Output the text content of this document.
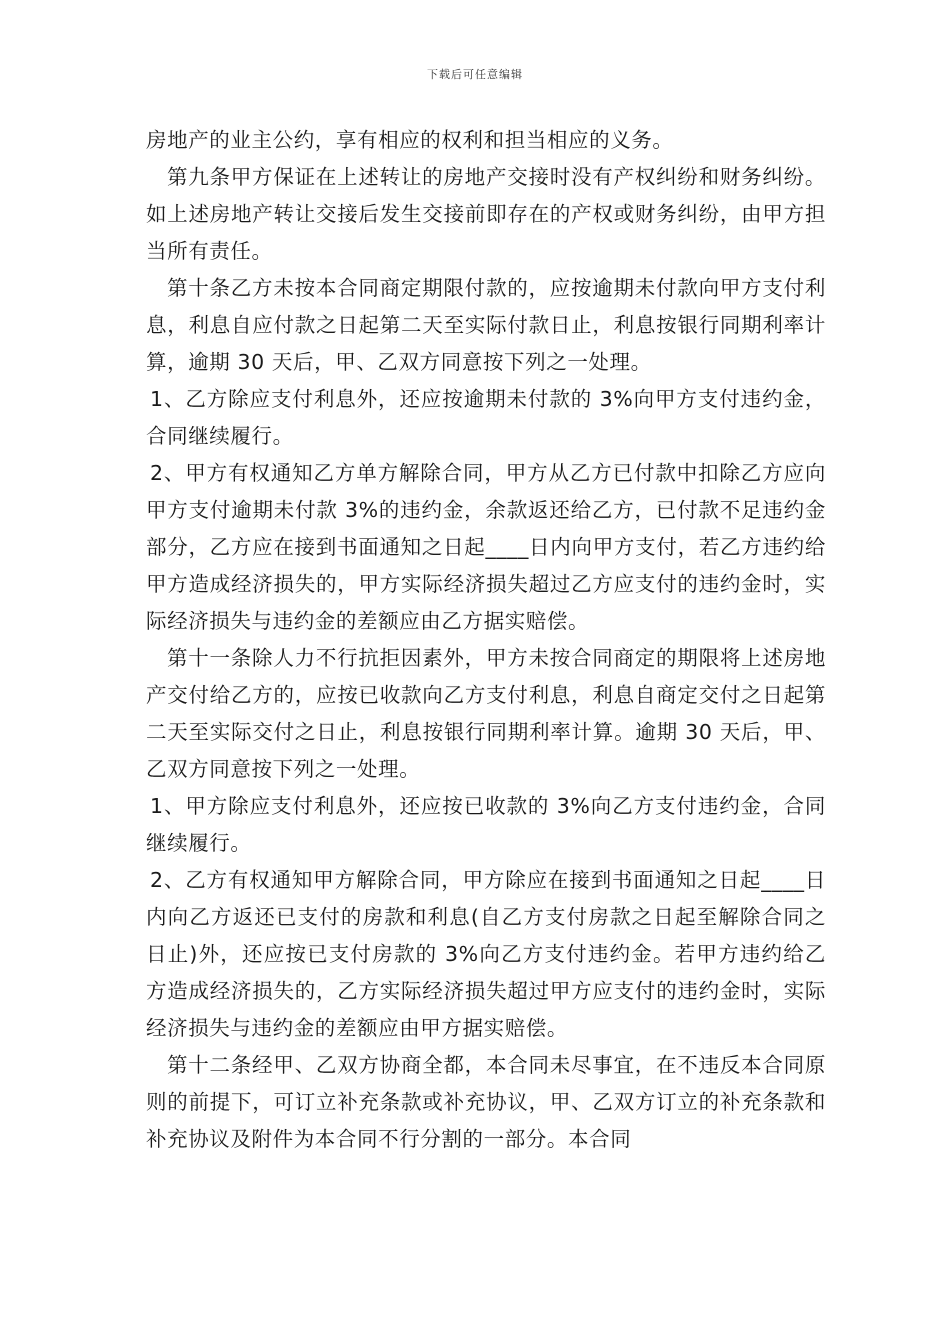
下载后可任意编辑

房地产的业主公约，享有相应的权利和担当相应的义务。

第九条甲方保证在上述转让的房地产交接时没有产权纠纷和财务纠纷。如上述房地产转让交接后发生交接前即存在的产权或财务纠纷，由甲方担当所有责任。

第十条乙方未按本合同商定期限付款的，应按逾期未付款向甲方支付利息，利息自应付款之日起第二天至实际付款日止，利息按银行同期利率计算，逾期 30 天后，甲、乙双方同意按下列之一处理。

1、乙方除应支付利息外，还应按逾期未付款的 3%向甲方支付违约金，合同继续履行。

2、甲方有权通知乙方单方解除合同，甲方从乙方已付款中扣除乙方应向甲方支付逾期未付款 3%的违约金，余款返还给乙方，已付款不足违约金部分，乙方应在接到书面通知之日起____日内向甲方支付，若乙方违约给甲方造成经济损失的，甲方实际经济损失超过乙方应支付的违约金时，实际经济损失与违约金的差额应由乙方据实赔偿。

第十一条除人力不行抗拒因素外，甲方未按合同商定的期限将上述房地产交付给乙方的，应按已收款向乙方支付利息，利息自商定交付之日起第二天至实际交付之日止，利息按银行同期利率计算。逾期 30 天后，甲、乙双方同意按下列之一处理。

1、甲方除应支付利息外，还应按已收款的 3%向乙方支付违约金，合同继续履行。

2、乙方有权通知甲方解除合同，甲方除应在接到书面通知之日起____日内向乙方返还已支付的房款和利息(自乙方支付房款之日起至解除合同之日止)外，还应按已支付房款的 3%向乙方支付违约金。若甲方违约给乙方造成经济损失的，乙方实际经济损失超过甲方应支付的违约金时，实际经济损失与违约金的差额应由甲方据实赔偿。

第十二条经甲、乙双方协商全都，本合同未尽事宜，在不违反本合同原则的前提下，可订立补充条款或补充协议，甲、乙双方订立的补充条款和补充协议及附件为本合同不行分割的一部分。本合同
